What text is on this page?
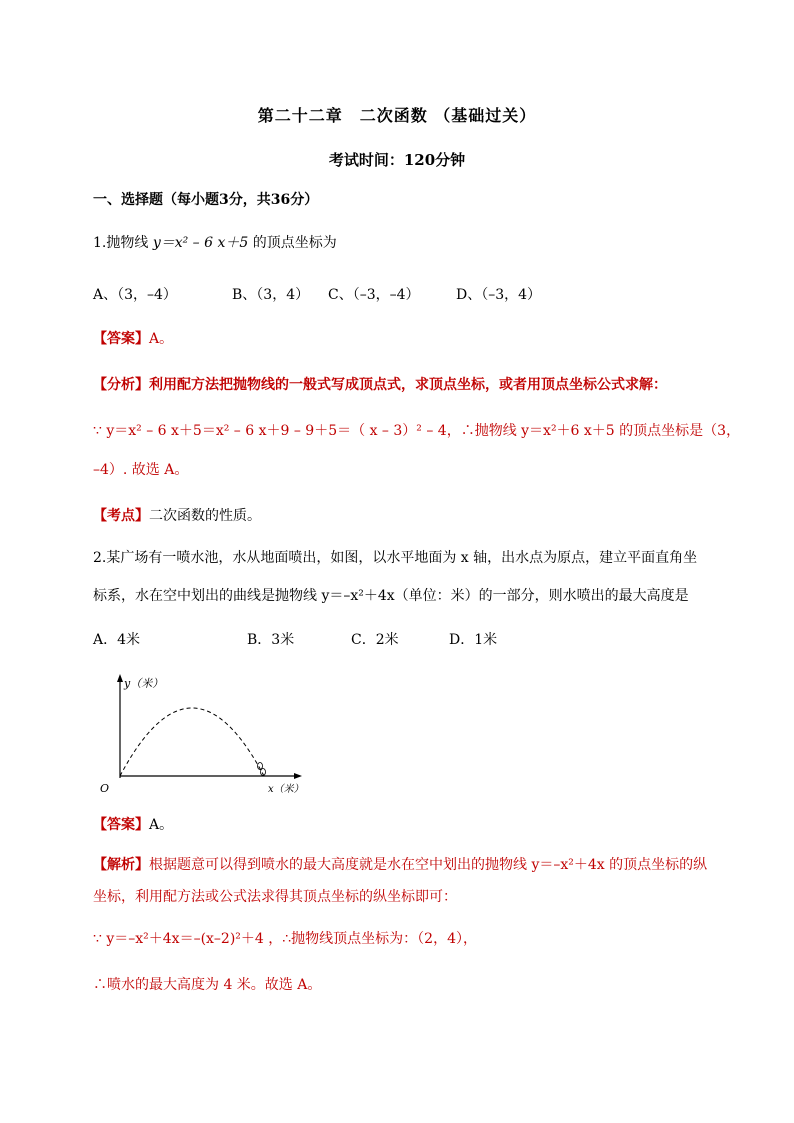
第二十二章　二次函数 （基础过关）
考试时间：120分钟
一、选择题（每小题3分，共36分）
1.抛物线 y＝x² – 6 x＋5 的顶点坐标为
A、（3，–4）	B、（3，4） C、（–3，–4）	D、（–3，4）
【答案】A。
【分析】利用配方法把抛物线的一般式写成顶点式，求顶点坐标，或者用顶点坐标公式求解：
∵ y＝x² – 6 x＋5＝x² – 6 x＋9 – 9＋5＝（ x – 3）² – 4，∴抛物线 y＝x²＋6 x＋5 的顶点坐标是（3，
–4）. 故选 A。
【考点】二次函数的性质。
2.某广场有一喷水池，水从地面喷出，如图，以水平地面为 x 轴，出水点为原点，建立平面直角坐
标系，水在空中划出的曲线是抛物线 y＝–x²＋4x（单位：米）的一部分，则水喷出的最大高度是
A．4米	B．3米	C．2米	D．1米
y（米）
x（米）
O
【答案】A。
【解析】根据题意可以得到喷水的最大高度就是水在空中划出的抛物线 y＝–x²＋4x 的顶点坐标的纵
坐标，利用配方法或公式法求得其顶点坐标的纵坐标即可：
∵ y＝–x²＋4x＝–(x–2)²＋4 ，∴抛物线顶点坐标为：（2，4），
∴喷水的最大高度为 4 米。故选 A。
